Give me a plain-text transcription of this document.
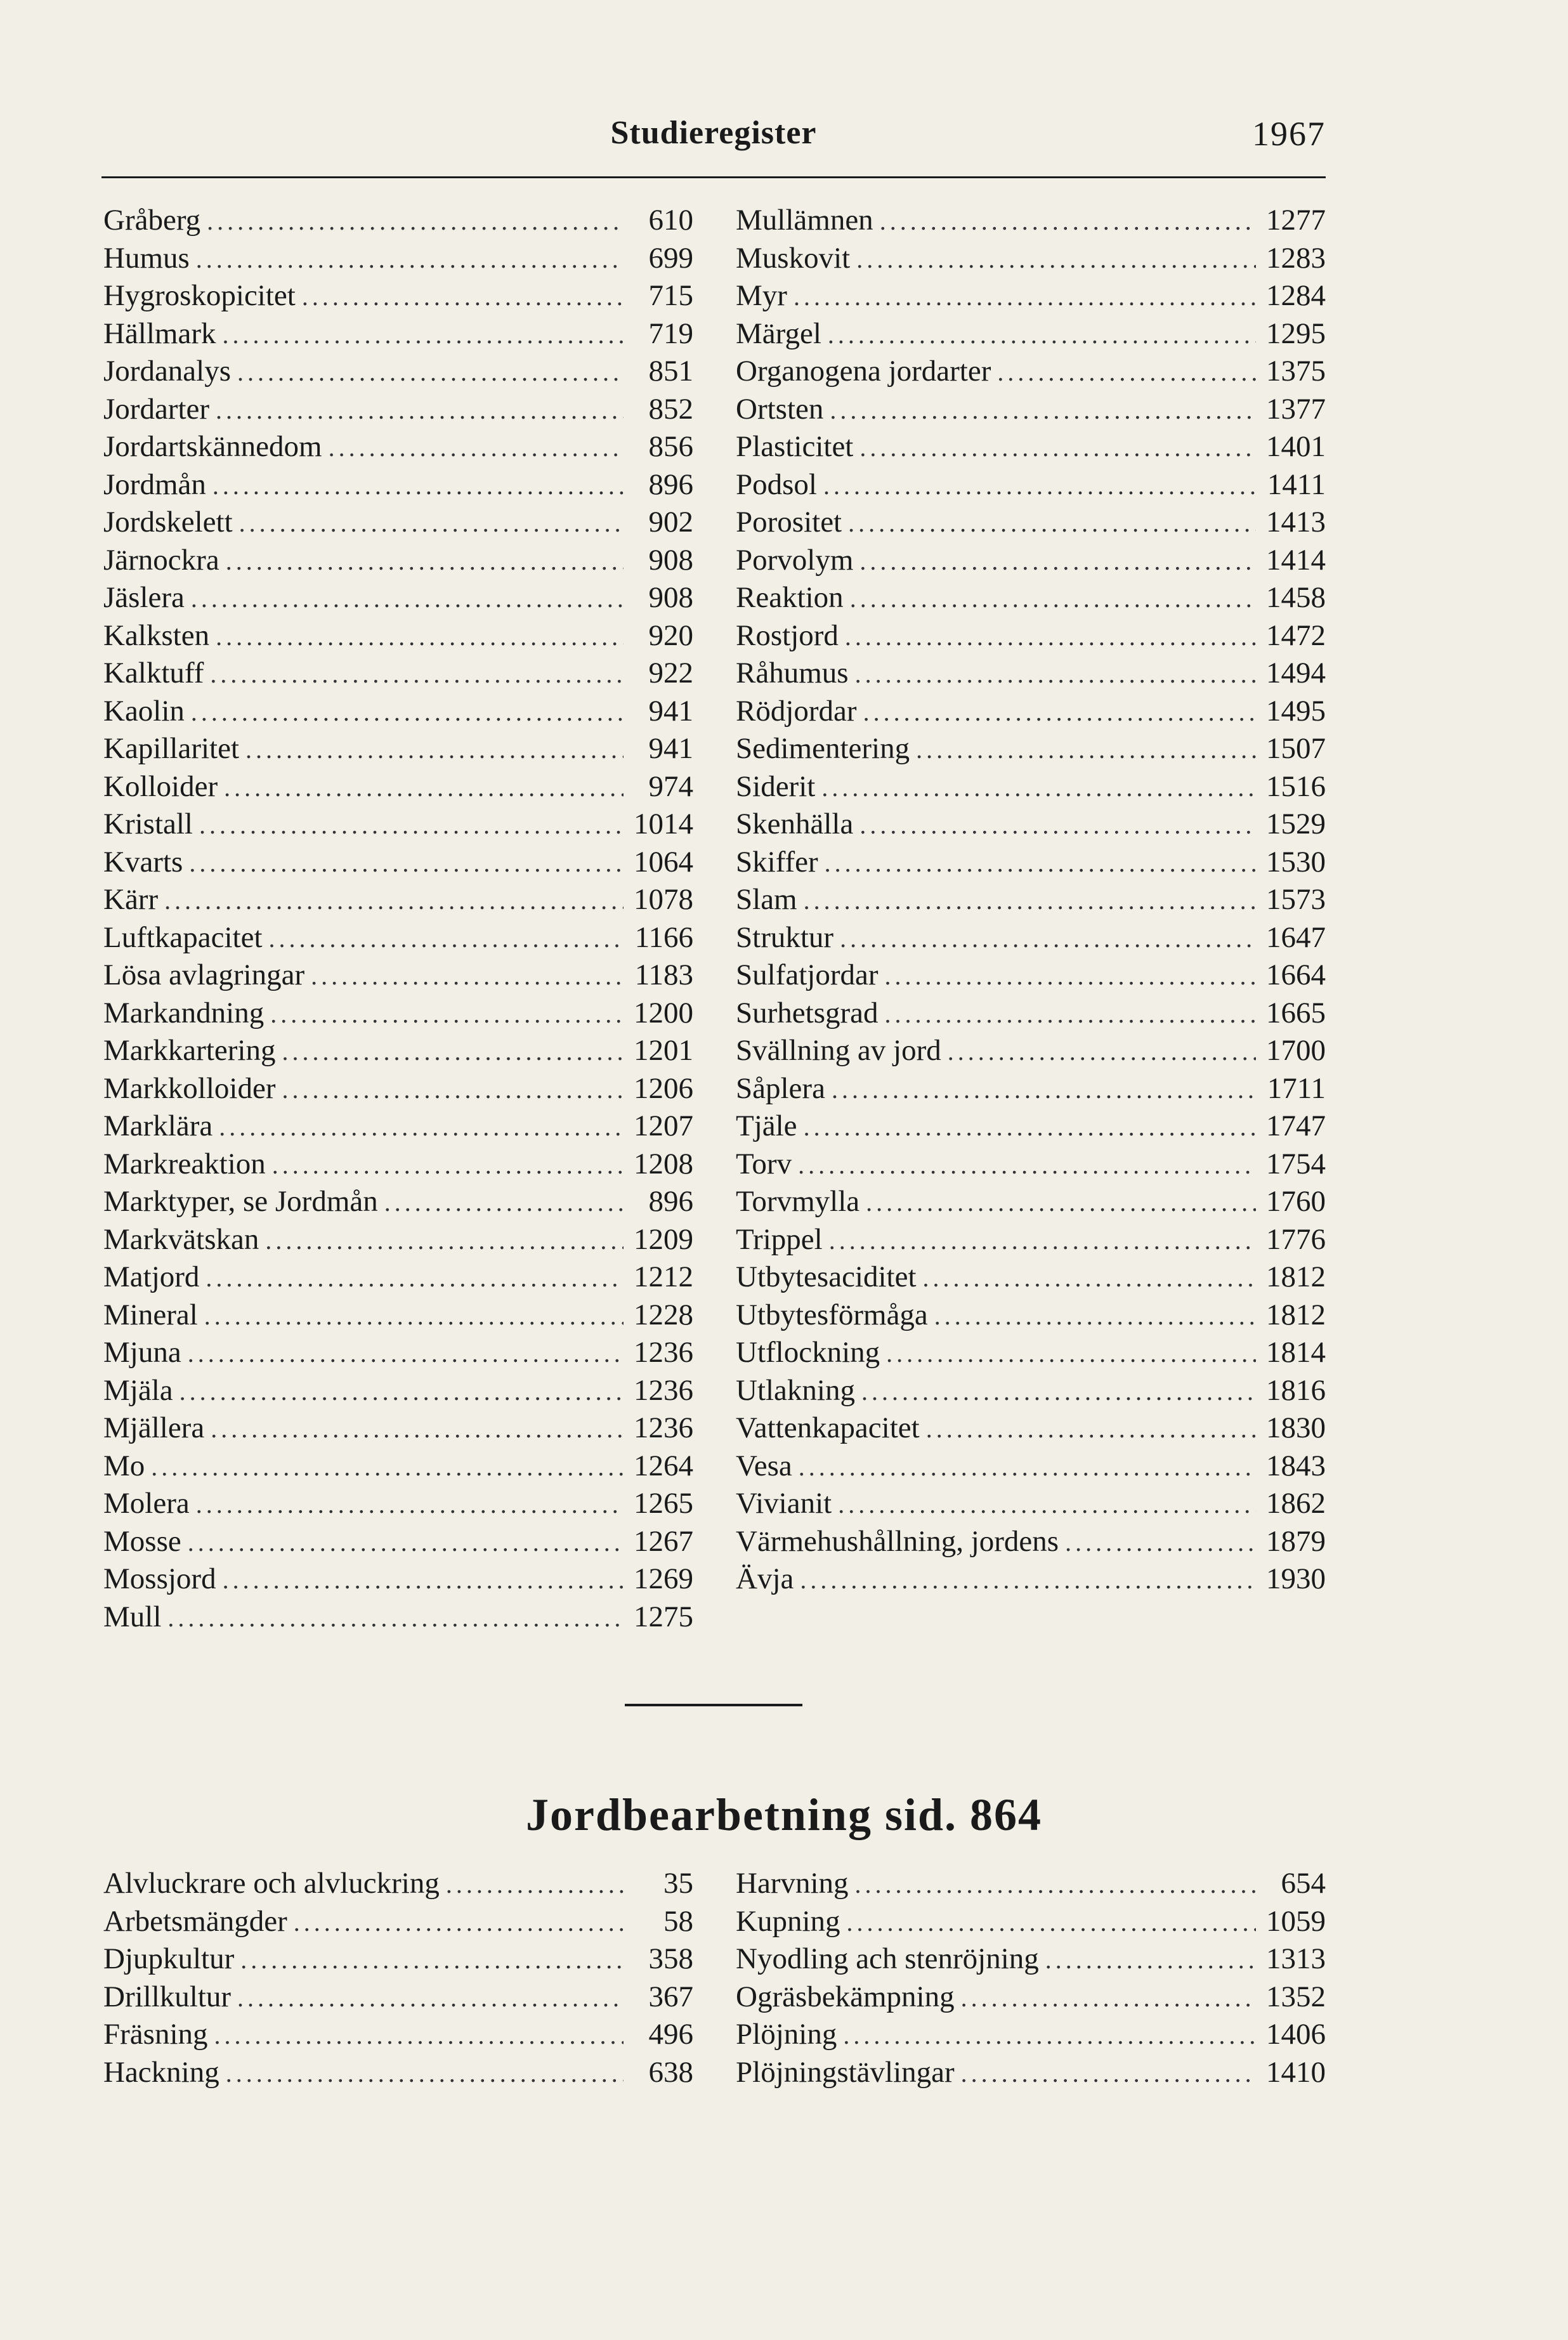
Studieregister	1967
Gråberg .....	610
Humus .....	699
Hygroskopicitet .....	715
Hällmark .....	719
Jordanalys .....	851
Jordarter .....	852
Jordartskännedom .....	856
Jordmån .....	896
Jordskelett .....	902
Järnockra .....	908
Jäslera .....	908
Kalksten .....	920
Kalktuff .....	922
Kaolin .....	941
Kapillaritet .....	941
Kolloider .....	974
Kristall .....	1014
Kvarts .....	1064
Kärr .....	1078
Luftkapacitet .....	1166
Lösa avlagringar .....	1183
Markandning .....	1200
Markkartering .....	1201
Markkolloider .....	1206
Marklära .....	1207
Markreaktion .....	1208
Marktyper, se Jordmån .....	896
Markvätskan .....	1209
Matjord .....	1212
Mineral .....	1228
Mjuna .....	1236
Mjäla .....	1236
Mjällera .....	1236
Mo .....	1264
Molera .....	1265
Mosse .....	1267
Mossjord .....	1269
Mull .....	1275
Mullämnen .....	1277
Muskovit .....	1283
Myr .....	1284
Märgel .....	1295
Organogena jordarter .....	1375
Ortsten .....	1377
Plasticitet .....	1401
Podsol .....	1411
Porositet .....	1413
Porvolym .....	1414
Reaktion .....	1458
Rostjord .....	1472
Råhumus .....	1494
Rödjordar .....	1495
Sedimentering .....	1507
Siderit .....	1516
Skenhälla .....	1529
Skiffer .....	1530
Slam .....	1573
Struktur .....	1647
Sulfatjordar .....	1664
Surhetsgrad .....	1665
Svällning av jord .....	1700
Såplera .....	1711
Tjäle .....	1747
Torv .....	1754
Torvmylla .....	1760
Trippel .....	1776
Utbytesaciditet .....	1812
Utbytesförmåga .....	1812
Utflockning .....	1814
Utlakning .....	1816
Vattenkapacitet .....	1830
Vesa .....	1843
Vivianit .....	1862
Värmehushållning, jordens .....	1879
Ävja .....	1930
Jordbearbetning sid. 864
Alvluckrare och alvluckring .....	35
Arbetsmängder .....	58
Djupkultur .....	358
Drillkultur .....	367
Fräsning .....	496
Hackning .....	638
Harvning .....	654
Kupning .....	1059
Nyodling ach stenröjning .....	1313
Ogräsbekämpning .....	1352
Plöjning .....	1406
Plöjningstävlingar .....	1410
